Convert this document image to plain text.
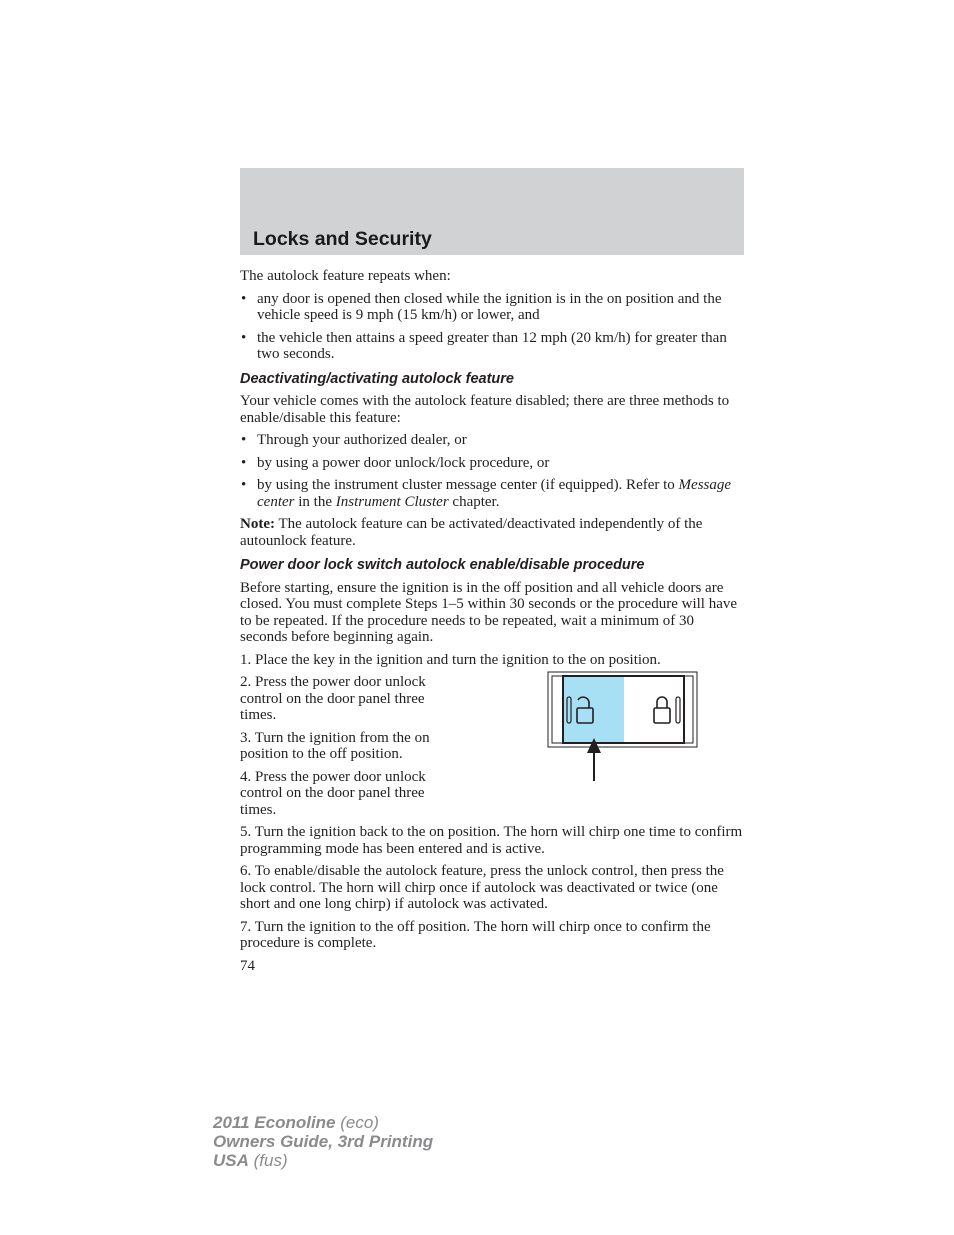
Locks and Security

The autolock feature repeats when:

• any door is opened then closed while the ignition is in the on position and the vehicle speed is 9 mph (15 km/h) or lower, and
• the vehicle then attains a speed greater than 12 mph (20 km/h) for greater than two seconds.
Deactivating/activating autolock feature

Your vehicle comes with the autolock feature disabled; there are three methods to enable/disable this feature:

• Through your authorized dealer, or
• by using a power door unlock/lock procedure, or
• by using the instrument cluster message center (if equipped). Refer to Message center in the Instrument Cluster chapter.

Note: The autolock feature can be activated/deactivated independently of the autounlock feature.

Power door lock switch autolock enable/disable procedure

Before starting, ensure the ignition is in the off position and all vehicle doors are closed. You must complete Steps 1–5 within 30 seconds or the procedure will have to be repeated. If the procedure needs to be repeated, wait a minimum of 30 seconds before beginning again.

1. Place the key in the ignition and turn the ignition to the on position.

2. Press the power door unlock control on the door panel three times.

3. Turn the ignition from the on position to the off position.

4. Press the power door unlock control on the door panel three times.

5. Turn the ignition back to the on position. The horn will chirp one time to confirm programming mode has been entered and is active.

6. To enable/disable the autolock feature, press the unlock control, then press the lock control. The horn will chirp once if autolock was deactivated or twice (one short and one long chirp) if autolock was activated.

7. Turn the ignition to the off position. The horn will chirp once to confirm the procedure is complete.

74

2011 Econoline (eco)
Owners Guide, 3rd Printing
USA (fus)
